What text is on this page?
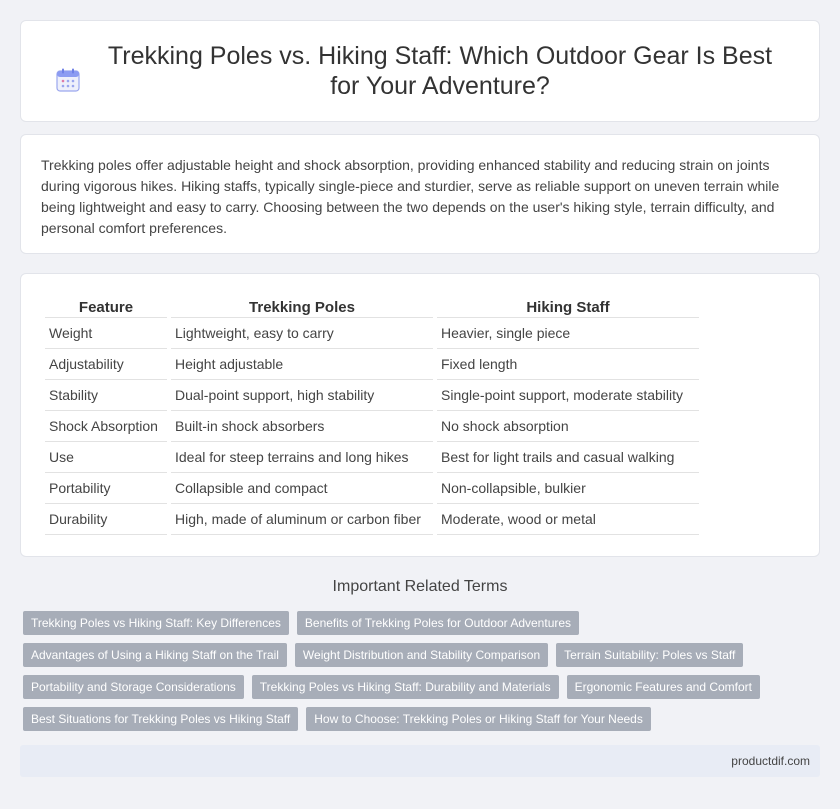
Trekking Poles vs. Hiking Staff: Which Outdoor Gear Is Best for Your Adventure?

Trekking poles offer adjustable height and shock absorption, providing enhanced stability and reducing strain on joints during vigorous hikes. Hiking staffs, typically single-piece and sturdier, serve as reliable support on uneven terrain while being lightweight and easy to carry. Choosing between the two depends on the user's hiking style, terrain difficulty, and personal comfort preferences.

Feature	Trekking Poles	Hiking Staff
Weight	Lightweight, easy to carry	Heavier, single piece
Adjustability	Height adjustable	Fixed length
Stability	Dual-point support, high stability	Single-point support, moderate stability
Shock Absorption	Built-in shock absorbers	No shock absorption
Use	Ideal for steep terrains and long hikes	Best for light trails and casual walking
Portability	Collapsible and compact	Non-collapsible, bulkier
Durability	High, made of aluminum or carbon fiber	Moderate, wood or metal
Important Related Terms
Trekking Poles vs Hiking Staff: Key Differences	Benefits of Trekking Poles for Outdoor Adventures
Advantages of Using a Hiking Staff on the Trail	Weight Distribution and Stability Comparison	Terrain Suitability: Poles vs Staff
Portability and Storage Considerations	Trekking Poles vs Hiking Staff: Durability and Materials	Ergonomic Features and Comfort
Best Situations for Trekking Poles vs Hiking Staff	How to Choose: Trekking Poles or Hiking Staff for Your Needs
productdif.com
